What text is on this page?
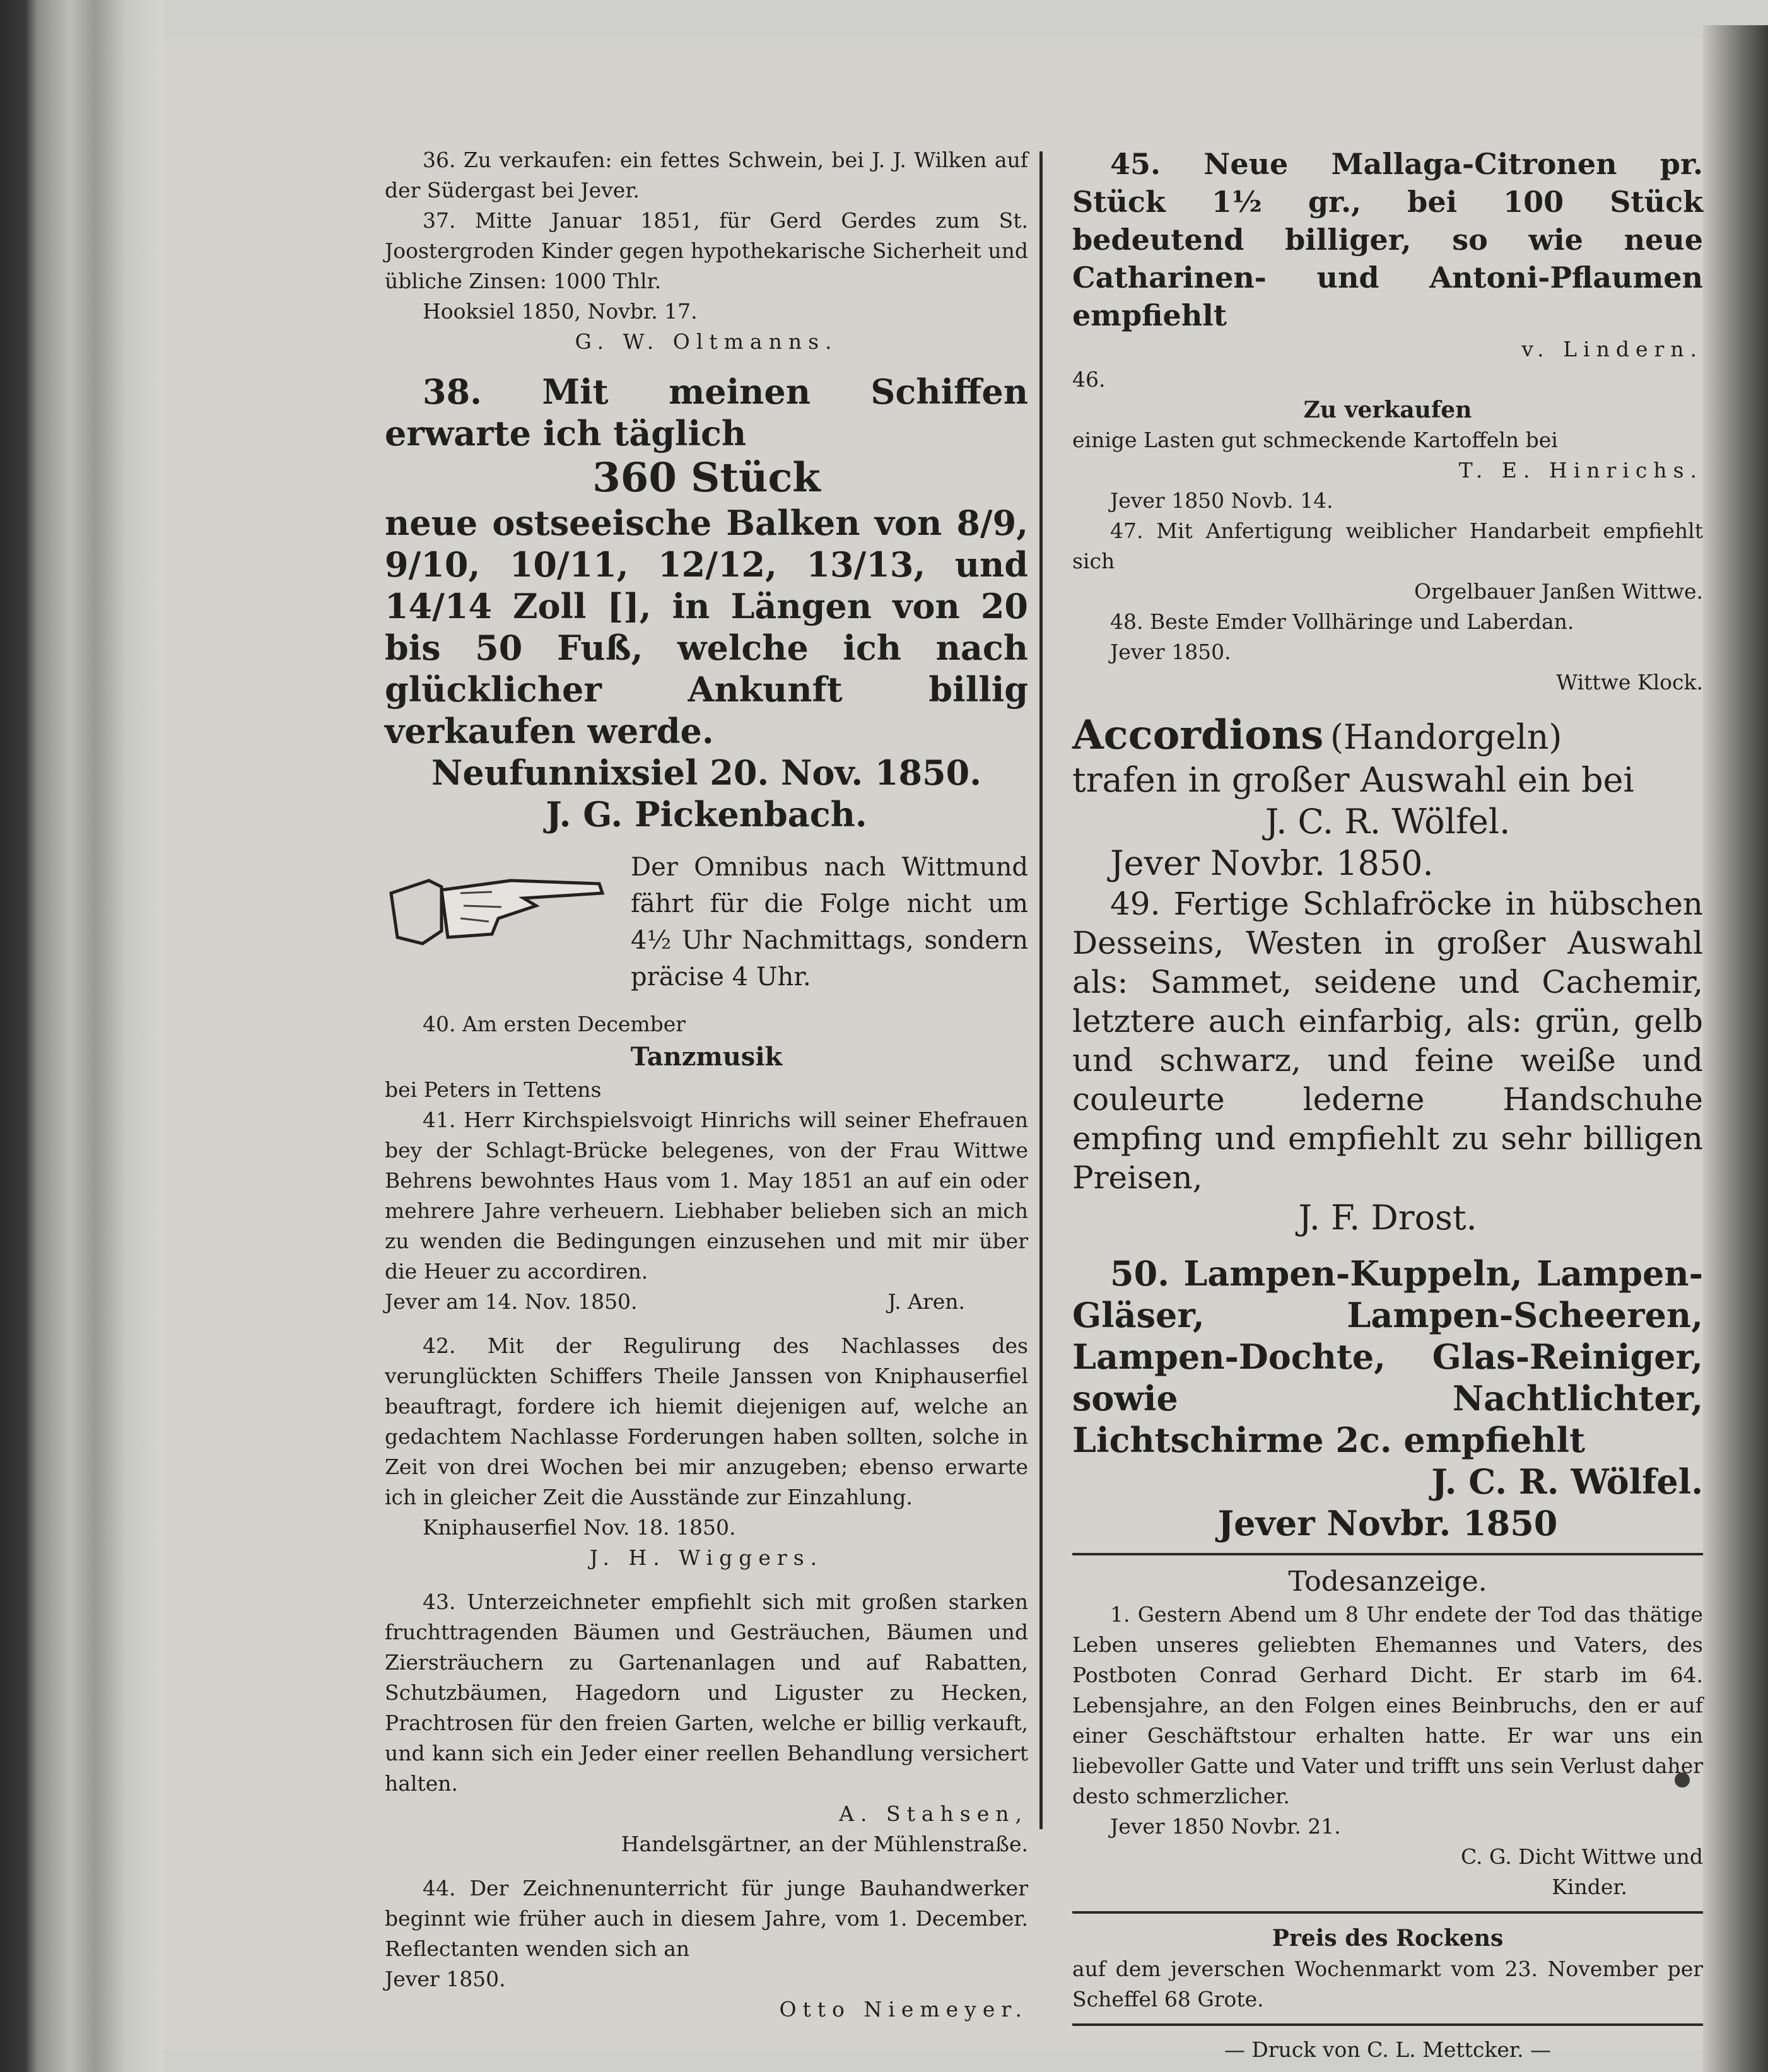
36. Zu verkaufen: ein fettes Schwein, bei J. J. Wilken auf der Südergast bei Jever.

37. Mitte Januar 1851, für Gerd Gerdes zum St. Joostergroden Kinder gegen hypothekarische Sicherheit und übliche Zinsen: 1000 Thlr.

Hooksiel 1850, Novbr. 17.

G. W. Oltmanns.

38. Mit meinen Schiffen erwarte ich täglich

360 Stück

neue ostseeische Balken von 8/9, 9/10, 10/11, 12/12, 13/13, und 14/14 Zoll [], in Längen von 20 bis 50 Fuß, welche ich nach glücklicher Ankunft billig verkaufen werde.

Neufunnixsiel 20. Nov. 1850.

J. G. Pickenbach.

Der Omnibus nach Wittmund fährt für die Folge nicht um 4½ Uhr Nachmittags, sondern präcise 4 Uhr.

40. Am ersten December

Tanzmusik

bei Peters in Tettens

41. Herr Kirchspielsvoigt Hinrichs will seiner Ehefrauen bey der Schlagt-Brücke belegenes, von der Frau Wittwe Behrens bewohntes Haus vom 1. May 1851 an auf ein oder mehrere Jahre verheuern. Liebhaber belieben sich an mich zu wenden die Bedingungen einzusehen und mit mir über die Heuer zu accordiren.

Jever am 14. Nov. 1850.	J. Aren.

42. Mit der Regulirung des Nachlasses des verunglückten Schiffers Theile Janssen von Kniphauserfiel beauftragt, fordere ich hiemit diejenigen auf, welche an gedachtem Nachlasse Forderungen haben sollten, solche in Zeit von drei Wochen bei mir anzugeben; ebenso erwarte ich in gleicher Zeit die Ausstände zur Einzahlung.

Kniphauserfiel Nov. 18. 1850.

J. H. Wiggers.

43. Unterzeichneter empfiehlt sich mit großen starken fruchttragenden Bäumen und Gesträuchen, Bäumen und Ziersträuchern zu Gartenanlagen und auf Rabatten, Schutzbäumen, Hagedorn und Liguster zu Hecken, Prachtrosen für den freien Garten, welche er billig verkauft, und kann sich ein Jeder einer reellen Behandlung versichert halten.

A. Stahsen,

Handelsgärtner, an der Mühlenstraße.

44. Der Zeichnenunterricht für junge Bauhandwerker beginnt wie früher auch in diesem Jahre, vom 1. December. Reflectanten wenden sich an

Jever 1850.

Otto Niemeyer.

45. Neue Mallaga-Citronen pr. Stück 1½ gr., bei 100 Stück bedeutend billiger, so wie neue Catharinen- und Antoni-Pflaumen empfiehlt

v. Lindern.

46.

Zu verkaufen

einige Lasten gut schmeckende Kartoffeln bei

T. E. Hinrichs.

Jever 1850 Novb. 14.

47. Mit Anfertigung weiblicher Handarbeit empfiehlt sich

Orgelbauer Janßen Wittwe.

48. Beste Emder Vollhäringe und Laberdan.

Jever 1850.

Wittwe Klock.

Accordions (Handorgeln)

trafen in großer Auswahl ein bei

J. C. R. Wölfel.

Jever Novbr. 1850.

49. Fertige Schlafröcke in hübschen Desseins, Westen in großer Auswahl als: Sammet, seidene und Cachemir, letztere auch einfarbig, als: grün, gelb und schwarz, und feine weiße und couleurte lederne Handschuhe empfing und empfiehlt zu sehr billigen Preisen,

J. F. Drost.

50. Lampen-Kuppeln, Lampen-Gläser, Lampen-Scheeren, Lampen-Dochte, Glas-Reiniger, sowie Nachtlichter, Lichtschirme 2c. empfiehlt

J. C. R. Wölfel.

Jever Novbr. 1850

Todesanzeige.

1. Gestern Abend um 8 Uhr endete der Tod das thätige Leben unseres geliebten Ehemannes und Vaters, des Postboten Conrad Gerhard Dicht. Er starb im 64. Lebensjahre, an den Folgen eines Beinbruchs, den er auf einer Geschäftstour erhalten hatte. Er war uns ein liebevoller Gatte und Vater und trifft uns sein Verlust daher desto schmerzlicher.

Jever 1850 Novbr. 21.

C. G. Dicht Wittwe und

Kinder.

Preis des Rockens

auf dem jeverschen Wochenmarkt vom 23. November per Scheffel 68 Grote.

— Druck von C. L. Mettcker. —
